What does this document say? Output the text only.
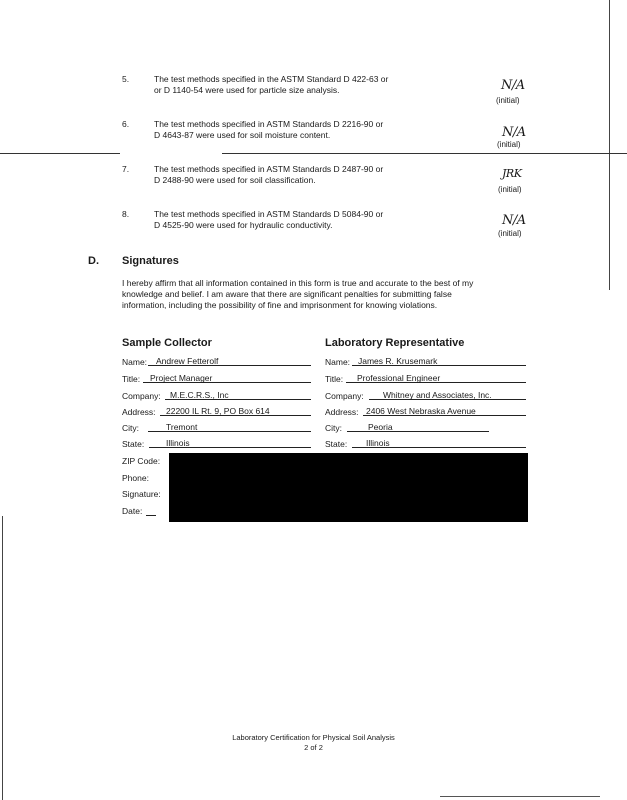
5.	The test methods specified in the ASTM Standard D 422-63 or
or D 1140-54 were used for particle size analysis.	N/A
(initial)
6.	The test methods specified in ASTM Standards D 2216-90 or
D 4643-87 were used for soil moisture content.	N/A
(initial)
7.	The test methods specified in ASTM Standards D 2487-90 or
D 2488-90 were used for soil classification.	JRK
(initial)
8.	The test methods specified in ASTM Standards D 5084-90 or
D 4525-90 were used for hydraulic conductivity.	N/A
(initial)
D. Signatures
I hereby affirm that all information contained in this form is true and accurate to the best of my
knowledge and belief. I am aware that there are significant penalties for submitting false
information, including the possibility of fine and imprisonment for knowing violations.
Sample Collector	Laboratory Representative
Name: Andrew Fetterolf
Title: Project Manager
Company: M.E.C.R.S., Inc
Address: 22200 IL Rt. 9, PO Box 614
City:	Tremont
State:	Illinois
ZIP Code:
Phone:
Signature:
Date:
Name: James R. Krusemark
Title: Professional Engineer
Company: Whitney and Associates, Inc.
Address: 2406 West Nebraska Avenue
City:	Peoria
State: Illinois
Laboratory Certification for Physical Soil Analysis
2 of 2
